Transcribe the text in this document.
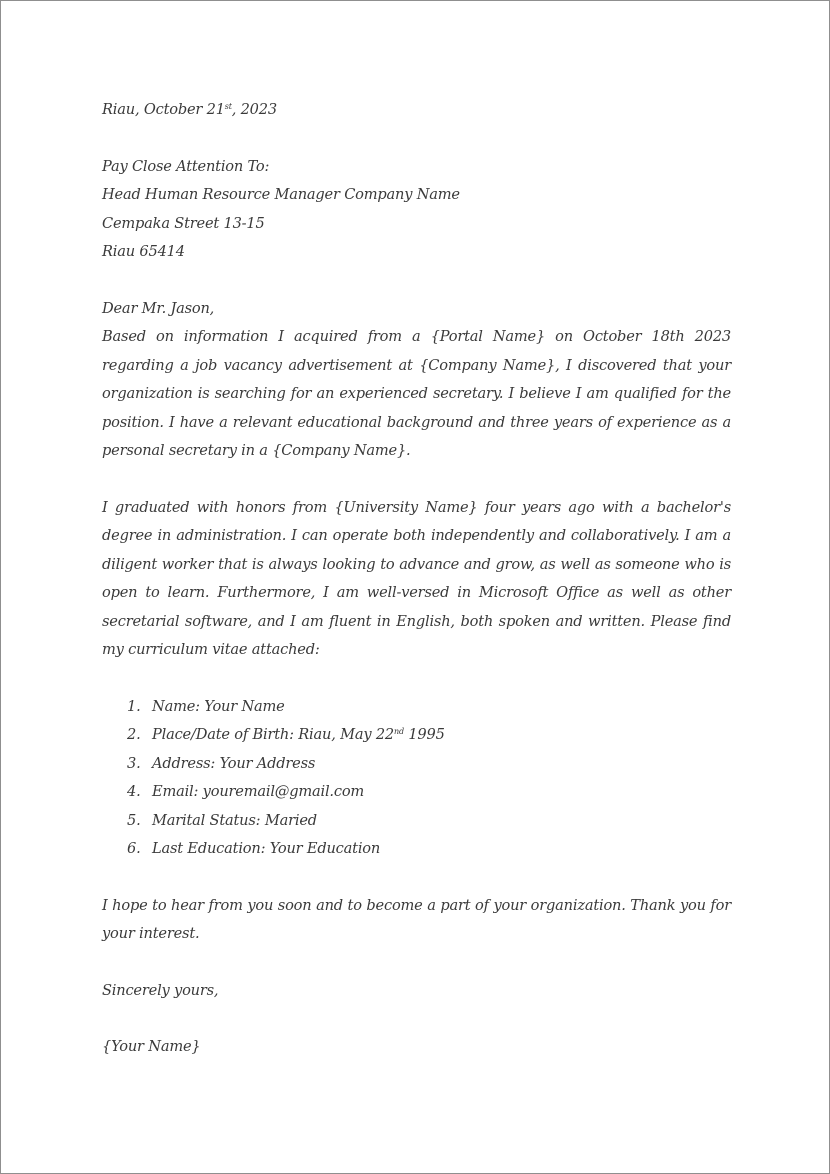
Riau, October 21st, 2023
Pay Close Attention To:
Head Human Resource Manager Company Name
Cempaka Street 13-15
Riau 65414
Dear Mr. Jason,

Based on information I acquired from a {Portal Name} on October 18th 2023 regarding a job vacancy advertisement at {Company Name}, I discovered that your organization is searching for an experienced secretary. I believe I am qualified for the position. I have a relevant educational background and three years of experience as a personal secretary in a {Company Name}.

I graduated with honors from {University Name} four years ago with a bachelor's degree in administration. I can operate both independently and collaboratively. I am a diligent worker that is always looking to advance and grow, as well as someone who is open to learn. Furthermore, I am well-versed in Microsoft Office as well as other secretarial software, and I am fluent in English, both spoken and written. Please find my curriculum vitae attached:

1. Name: Your Name
2. Place/Date of Birth: Riau, May 22nd 1995
3. Address: Your Address
4. Email: youremail@gmail.com
5. Marital Status: Maried
6. Last Education: Your Education

I hope to hear from you soon and to become a part of your organization. Thank you for your interest.

Sincerely yours,
{Your Name}
